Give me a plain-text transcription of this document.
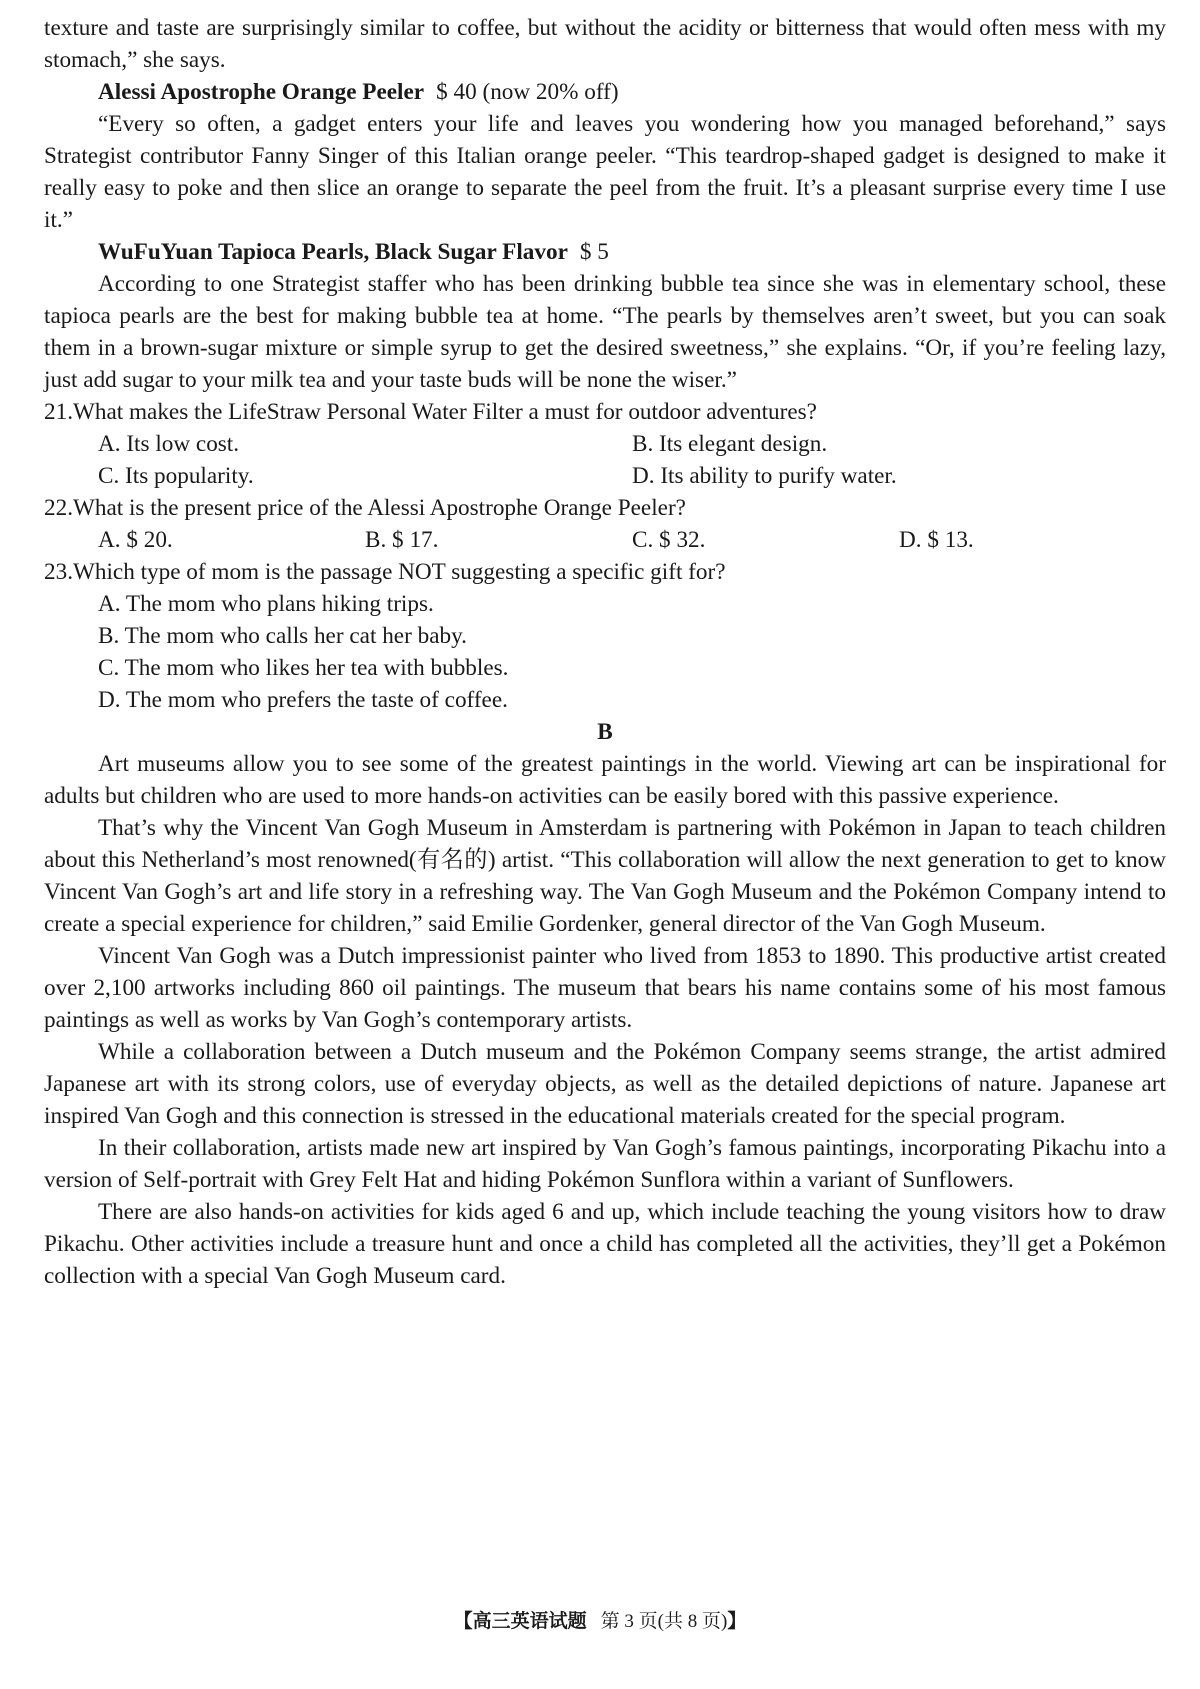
texture and taste are surprisingly similar to coffee, but without the acidity or bitterness that would often mess with my stomach,” she says.

Alessi Apostrophe Orange Peeler $ 40 (now 20% off)

“Every so often, a gadget enters your life and leaves you wondering how you managed beforehand,” says Strategist contributor Fanny Singer of this Italian orange peeler. “This teardrop-shaped gadget is designed to make it really easy to poke and then slice an orange to separate the peel from the fruit. It’s a pleasant surprise every time I use it.”

WuFuYuan Tapioca Pearls, Black Sugar Flavor $ 5

According to one Strategist staffer who has been drinking bubble tea since she was in elementary school, these tapioca pearls are the best for making bubble tea at home. “The pearls by themselves aren’t sweet, but you can soak them in a brown-sugar mixture or simple syrup to get the desired sweetness,” she explains. “Or, if you’re feeling lazy, just add sugar to your milk tea and your taste buds will be none the wiser.”

21.What makes the LifeStraw Personal Water Filter a must for outdoor adventures?

A. Its low cost.	B. Its elegant design.
C. Its popularity.	D. Its ability to purify water.

22.What is the present price of the Alessi Apostrophe Orange Peeler?

A. $ 20.	B. $ 17.	C. $ 32.	D. $ 13.

23.Which type of mom is the passage NOT suggesting a specific gift for?

A. The mom who plans hiking trips.
B. The mom who calls her cat her baby.
C. The mom who likes her tea with bubbles.
D. The mom who prefers the taste of coffee.

B

Art museums allow you to see some of the greatest paintings in the world. Viewing art can be inspirational for adults but children who are used to more hands-on activities can be easily bored with this passive experience.

That’s why the Vincent Van Gogh Museum in Amsterdam is partnering with Pokémon in Japan to teach children about this Netherland’s most renowned(有名的) artist. “This collaboration will allow the next generation to get to know Vincent Van Gogh’s art and life story in a refreshing way. The Van Gogh Museum and the Pokémon Company intend to create a special experience for children,” said Emilie Gordenker, general director of the Van Gogh Museum.

Vincent Van Gogh was a Dutch impressionist painter who lived from 1853 to 1890. This productive artist created over 2,100 artworks including 860 oil paintings. The museum that bears his name contains some of his most famous paintings as well as works by Van Gogh’s contemporary artists.

While a collaboration between a Dutch museum and the Pokémon Company seems strange, the artist admired Japanese art with its strong colors, use of everyday objects, as well as the detailed depictions of nature. Japanese art inspired Van Gogh and this connection is stressed in the educational materials created for the special program.

In their collaboration, artists made new art inspired by Van Gogh’s famous paintings, incorporating Pikachu into a version of Self-portrait with Grey Felt Hat and hiding Pokémon Sunflora within a variant of Sunflowers.

There are also hands-on activities for kids aged 6 and up, which include teaching the young visitors how to draw Pikachu. Other activities include a treasure hunt and once a child has completed all the activities, they’ll get a Pokémon collection with a special Van Gogh Museum card.

【高三英语试题 第 3 页(共 8 页)】
